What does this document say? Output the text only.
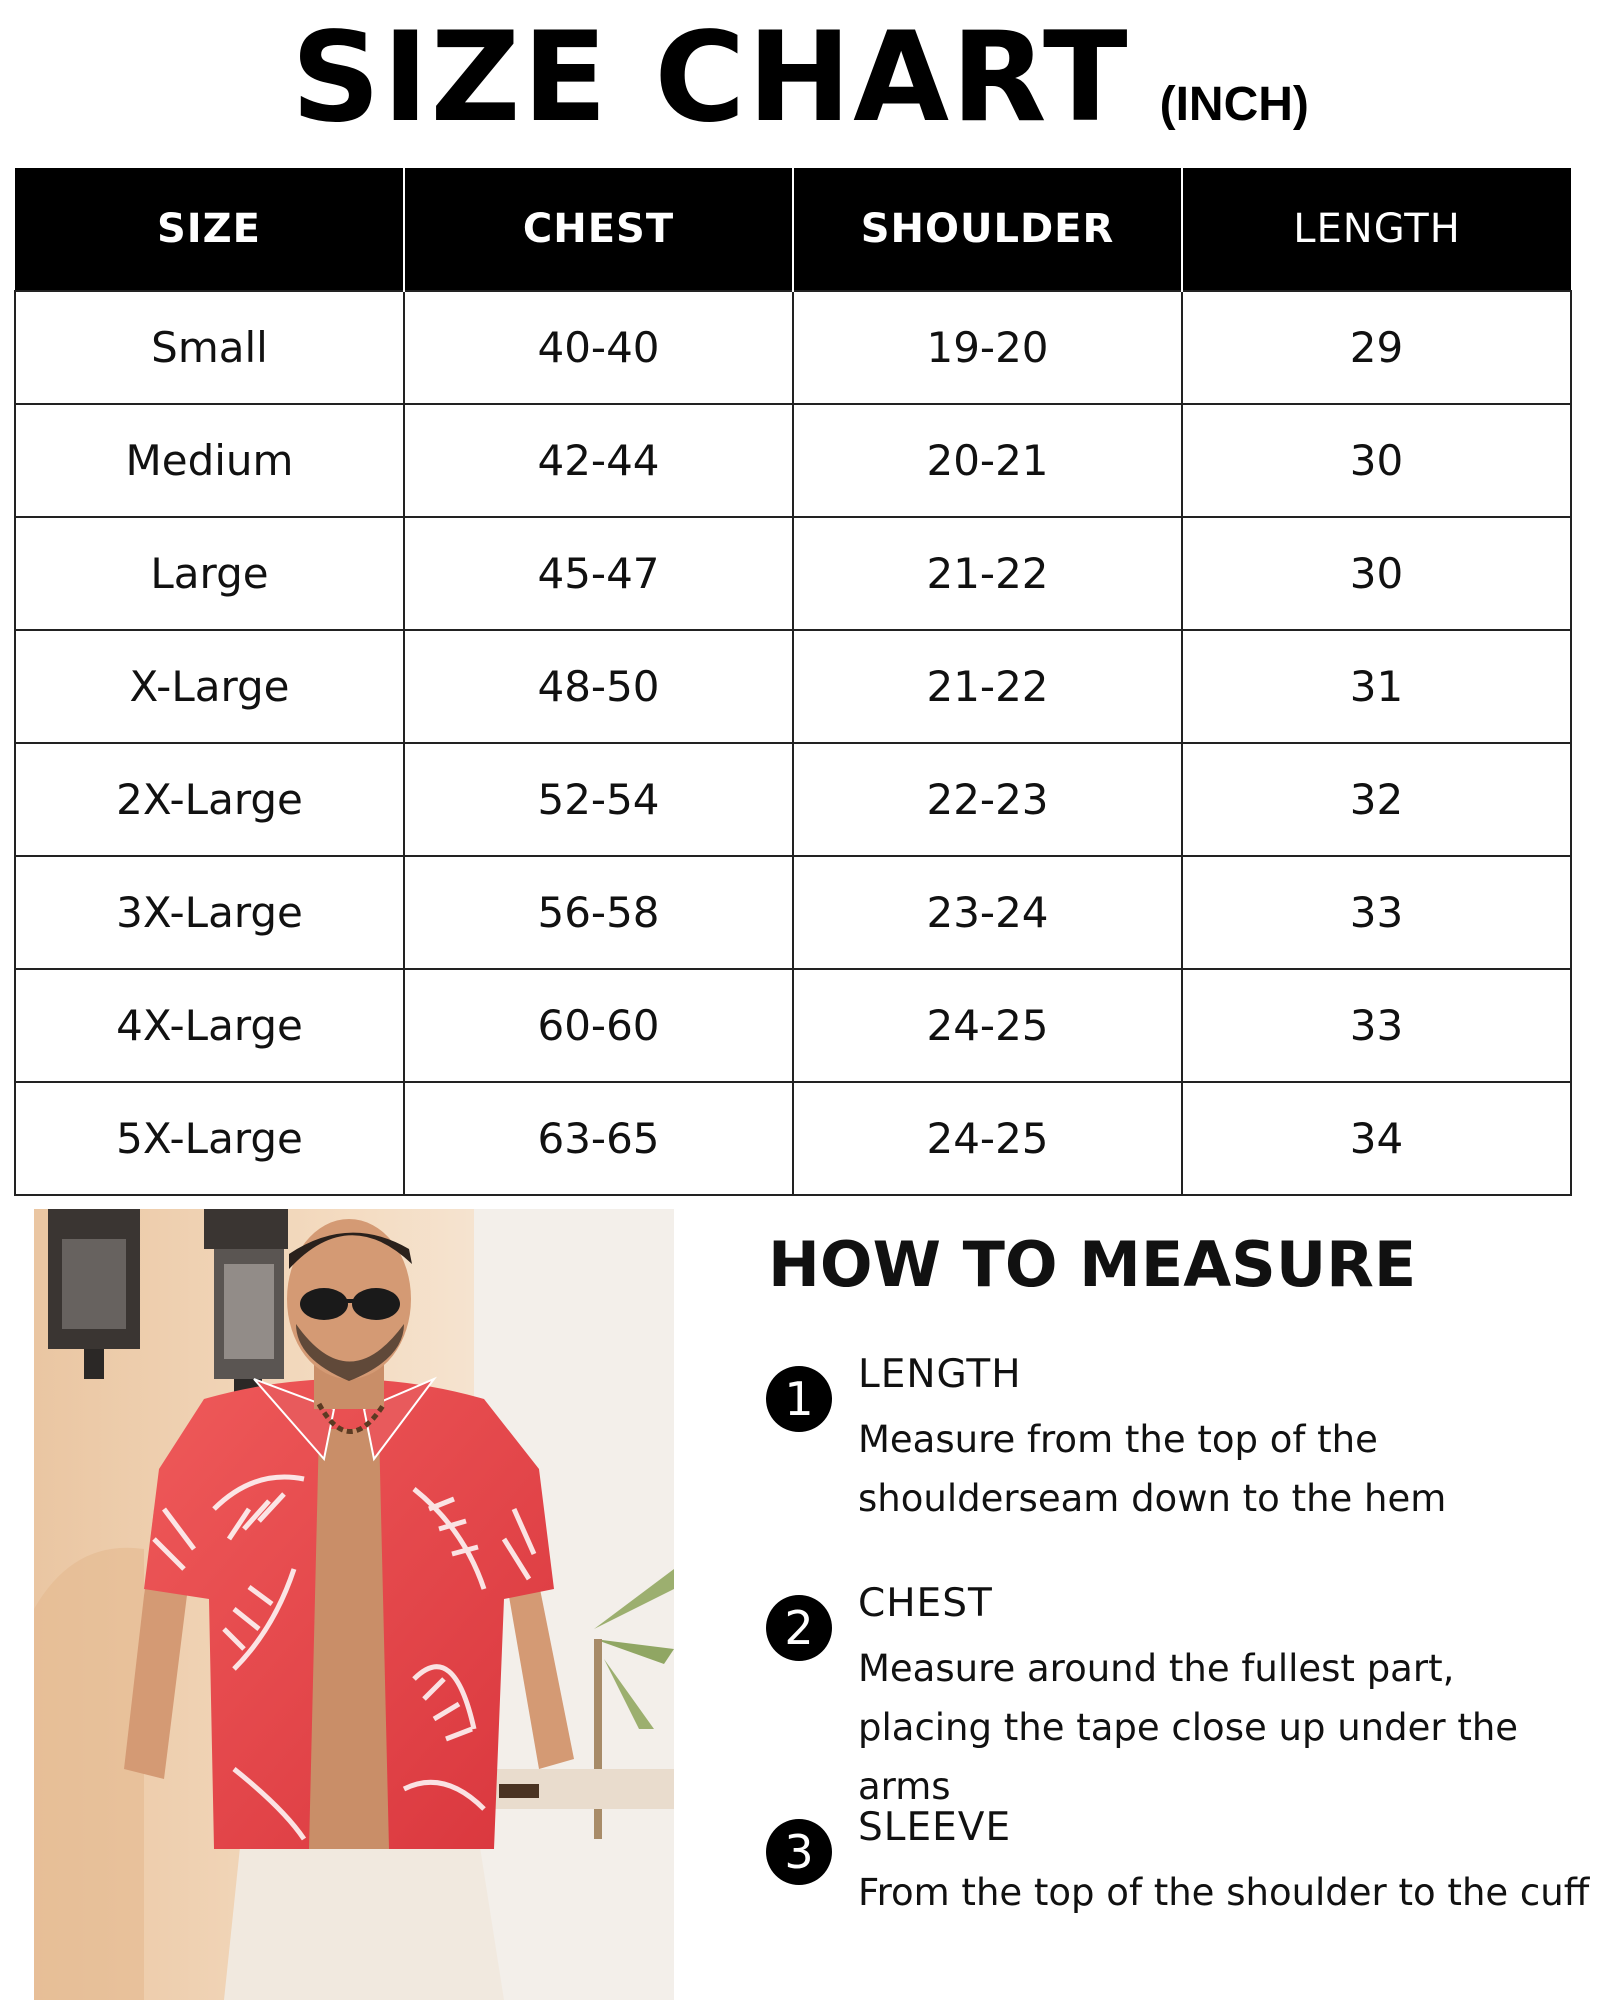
SIZE CHART (INCH)
SIZE	CHEST	SHOULDER	LENGTH
Small	40-40	19-20	29
Medium	42-44	20-21	30
Large	45-47	21-22	30
X-Large	48-50	21-22	31
2X-Large	52-54	22-23	32
3X-Large	56-58	23-24	33
4X-Large	60-60	24-25	33
5X-Large	63-65	24-25	34
HOW TO MEASURE
1	LENGTH
Measure from the top of the shoulderseam down to the hem
2	CHEST
Measure around the fullest part, placing the tape close up under the arms
3	SLEEVE
From the top of the shoulder to the cuff
